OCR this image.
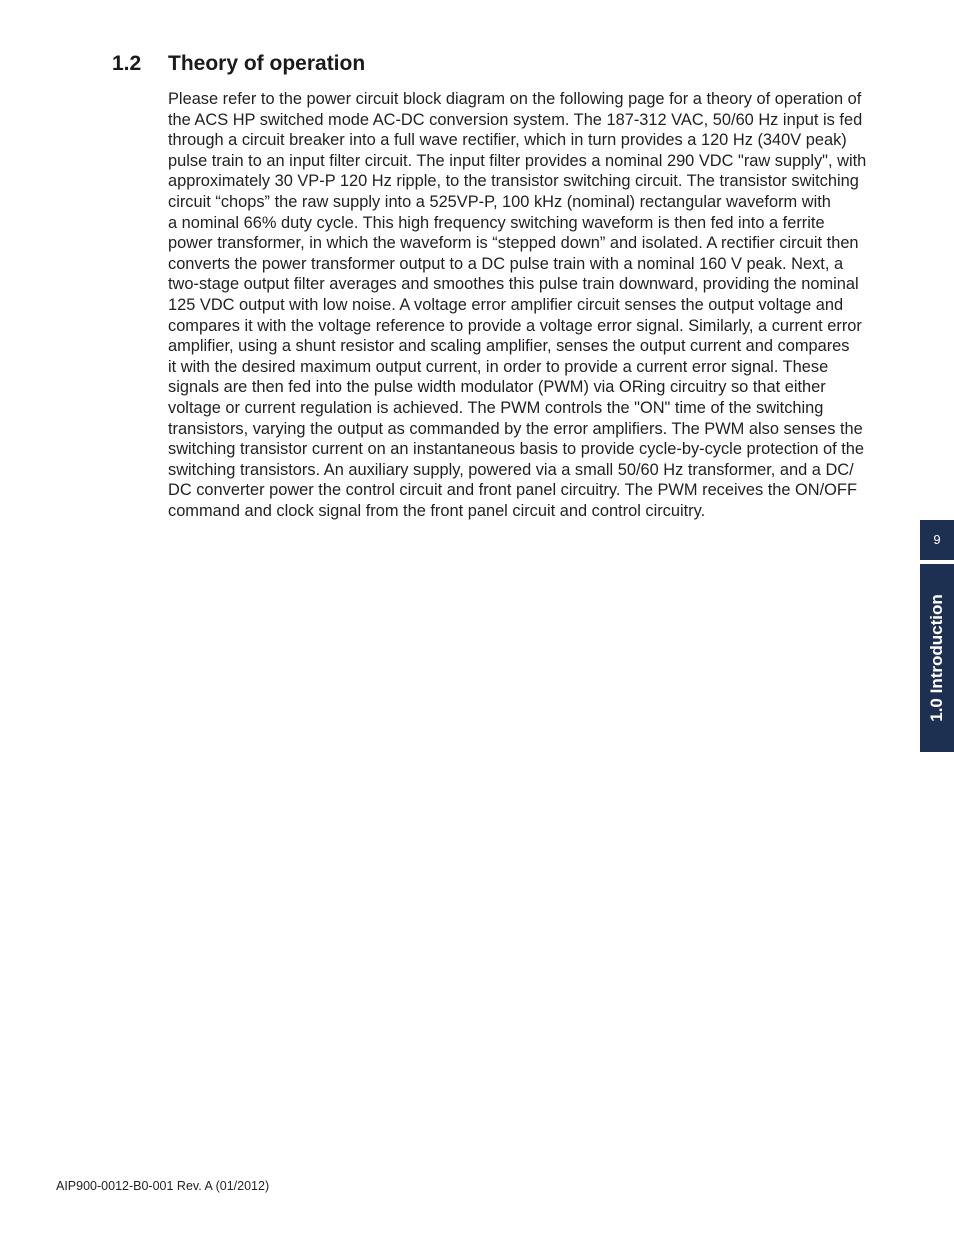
1.2 Theory of operation

Please refer to the power circuit block diagram on the following page for a theory of operation of
the ACS HP switched mode AC-DC conversion system. The 187-312 VAC, 50/60 Hz input is fed
through a circuit breaker into a full wave rectifier, which in turn provides a 120 Hz (340V peak)
pulse train to an input filter circuit. The input filter provides a nominal 290 VDC "raw supply", with
approximately 30 VP-P 120 Hz ripple, to the transistor switching circuit. The transistor switching
circuit “chops” the raw supply into a 525VP-P, 100 kHz (nominal) rectangular waveform with
a nominal 66% duty cycle. This high frequency switching waveform is then fed into a ferrite
power transformer, in which the waveform is “stepped down” and isolated. A rectifier circuit then
converts the power transformer output to a DC pulse train with a nominal 160 V peak. Next, a
two-stage output filter averages and smoothes this pulse train downward, providing the nominal
125 VDC output with low noise. A voltage error amplifier circuit senses the output voltage and
compares it with the voltage reference to provide a voltage error signal. Similarly, a current error
amplifier, using a shunt resistor and scaling amplifier, senses the output current and compares
it with the desired maximum output current, in order to provide a current error signal. These
signals are then fed into the pulse width modulator (PWM) via ORing circuitry so that either
voltage or current regulation is achieved. The PWM controls the "ON" time of the switching
transistors, varying the output as commanded by the error amplifiers. The PWM also senses the
switching transistor current on an instantaneous basis to provide cycle-by-cycle protection of the
switching transistors. An auxiliary supply, powered via a small 50/60 Hz transformer, and a DC/
DC converter power the control circuit and front panel circuitry. The PWM receives the ON/OFF
command and clock signal from the front panel circuit and control circuitry.

9
1.0 Introduction
AIP900-0012-B0-001 Rev. A (01/2012)
